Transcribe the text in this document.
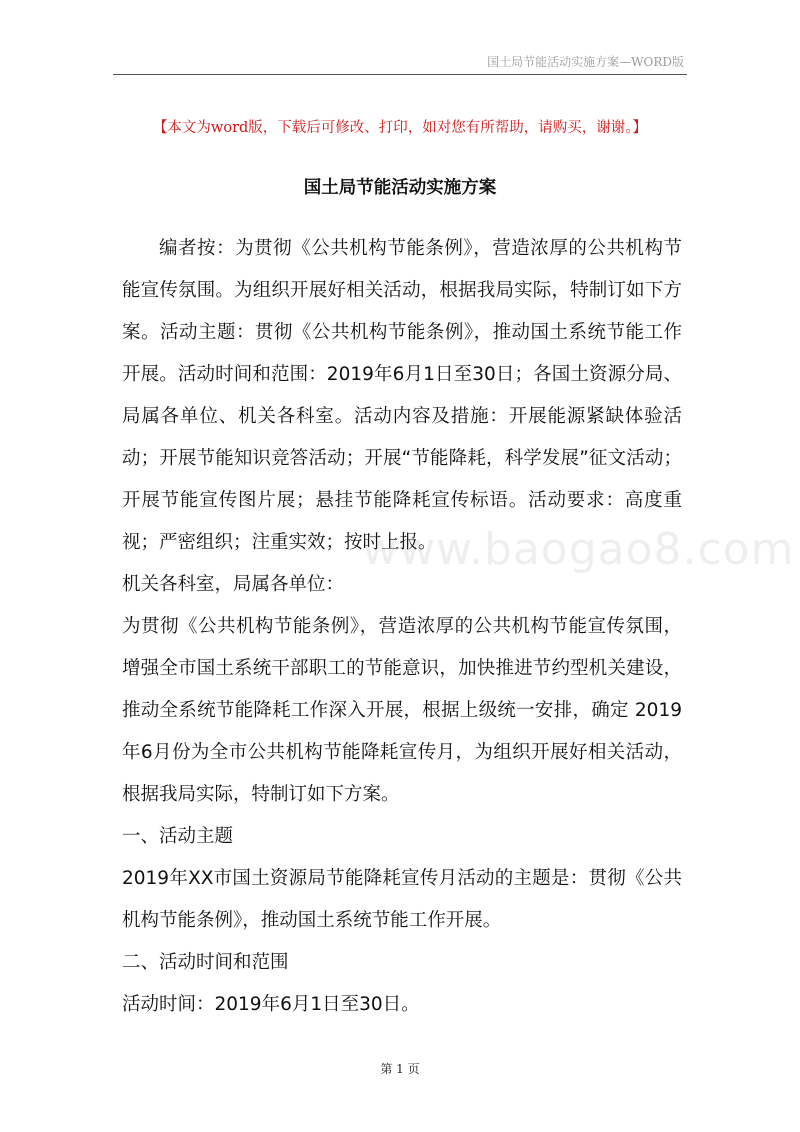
国土局节能活动实施方案—WORD版
【本文为word版，下载后可修改、打印，如对您有所帮助，请购买，谢谢。】
国土局节能活动实施方案

编者按：为贯彻《公共机构节能条例》，营造浓厚的公共机构节能宣传氛围。为组织开展好相关活动，根据我局实际，特制订如下方案。活动主题：贯彻《公共机构节能条例》，推动国土系统节能工作开展。活动时间和范围：2019年6月1日至30日；各国土资源分局、局属各单位、机关各科室。活动内容及措施：开展能源紧缺体验活动；开展节能知识竞答活动；开展“节能降耗，科学发展”征文活动；开展节能宣传图片展；悬挂节能降耗宣传标语。活动要求：高度重视；严密组织；注重实效；按时上报。

机关各科室，局属各单位：

为贯彻《公共机构节能条例》，营造浓厚的公共机构节能宣传氛围，增强全市国土系统干部职工的节能意识，加快推进节约型机关建设，推动全系统节能降耗工作深入开展，根据上级统一安排，确定 2019年6月份为全市公共机构节能降耗宣传月，为组织开展好相关活动，根据我局实际，特制订如下方案。

一、活动主题

2019年XX市国土资源局节能降耗宣传月活动的主题是：贯彻《公共机构节能条例》，推动国土系统节能工作开展。

二、活动时间和范围

活动时间：2019年6月1日至30日。

www.baogao8.com
第 1 页
